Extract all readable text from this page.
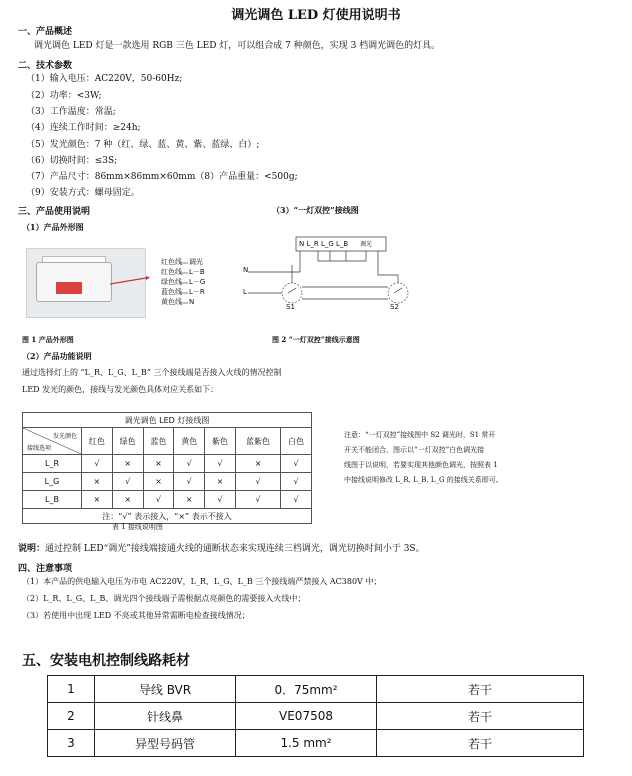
调光调色 LED 灯使用说明书
一、产品概述
调光调色 LED 灯是一款选用 RGB 三色 LED 灯，可以组合成 7 种颜色，实现 3 档调光调色的灯具。
二、技术参数
（1）输入电压：AC220V，50-60Hz;
（2）功率：<3W;
（3）工作温度：常温;
（4）连续工作时间：≥24h;
（5）发光颜色：7 种（红、绿、蓝、黄、紫、蓝绿、白）;
（6）切换时间：≤3S;
（7）产品尺寸：86mm×86mm×60mm（8）产品重量：<500g;
（9）安装方式：螺母固定。
三、产品使用说明	（3）“一灯双控”接线图
（1）产品外形图
红色线
红色线
绿色线
蓝色线
黄色线
调光
L－B
L－G
L－R
N
N L_R L_G L_B 调光
N
L
S1	S2
图 1 产品外形图	图 2 “一灯双控”接线示意图
（2）产品功能说明
通过选择灯上的 “L_R、L_G、L_B” 三个接线端是否接入火线的情况控制
LED 发光的颜色，接线与发光颜色具体对应关系如下：
调光调色 LED 灯接线图							

发光颜色
接线选项	红色	绿色	蓝色	黄色	紫色	蓝紫色	白色
L_R	√	×	×	√	√	×	√
L_G	×	√	×	√	×	√	√
L_B	×	×	√	×	√	√	√
注：“√” 表示接入，“×” 表示不接入							
表 1 接线说明图
注意：“一灯双控”接线图中 S2 调光时，S1 常开
开关不能闭合，图示以“一灯双控”白色调光接
线图于以说明，若要实现其他颜色调光，按照表 1
中接线说明修改 L_R, L_B, L_G 的接线关系即可。
说明：通过控制 LED“调光”接线端接通火线的通断状态来实现连续三档调光，调光切换时间小于 3S。
四、注意事项
（1）本产品的供电输入电压为市电 AC220V，L_R、L_G、L_B 三个接线端严禁接入 AC380V 中；
（2）L_R、L_G、L_B、调光四个接线端子需根据点亮颜色的需要接入火线中；
（3）若使用中出现 LED 不亮或其他异常需断电检查接线情况；
五、安装电机控制线路耗材
1	导线 BVR	0．75mm²	若干
2	针线鼻	VE07508	若干
3	异型号码管	1.5 mm²	若干
